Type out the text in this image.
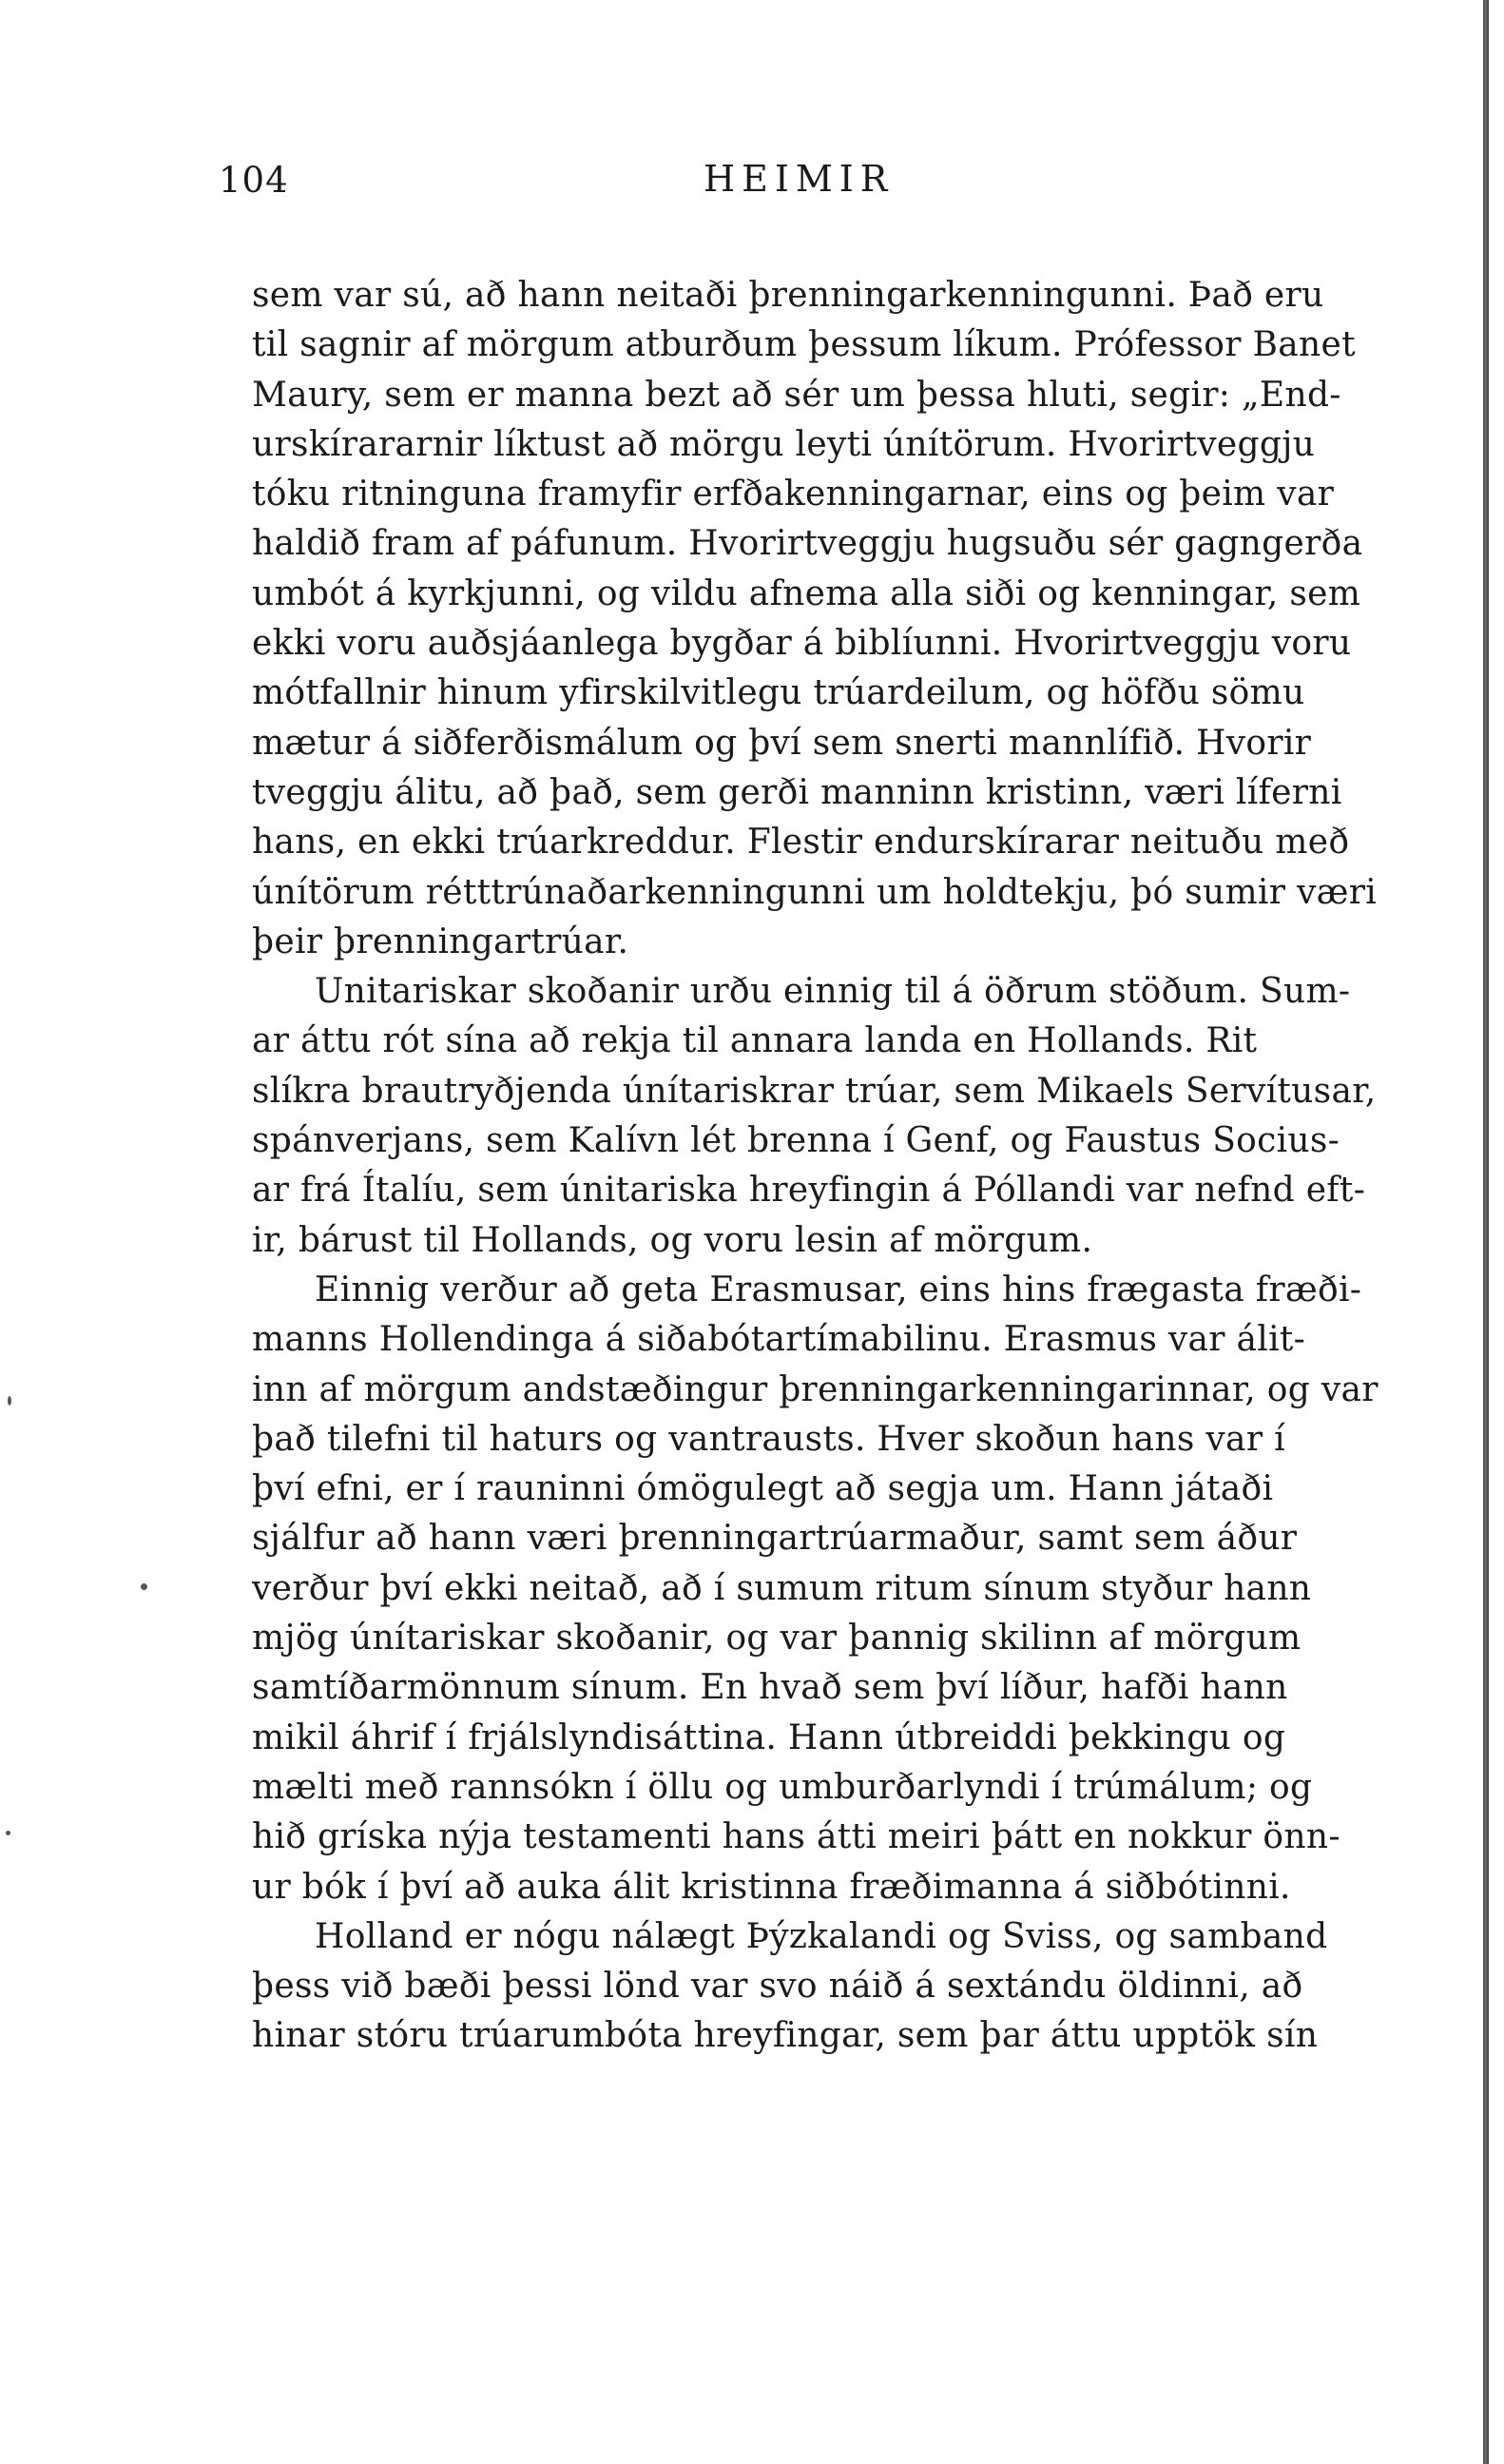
104	HEIMIR
sem var sú, að hann neitaði þrenningarkenningunni. Það eru
til sagnir af mörgum atburðum þessum líkum. Prófessor Banet
Maury, sem er manna bezt að sér um þessa hluti, segir: „End-
urskírararnir líktust að mörgu leyti únítörum. Hvorirtveggju
tóku ritninguna framyfir erfðakenningarnar, eins og þeim var
haldið fram af páfunum. Hvorirtveggju hugsuðu sér gagngerða
umbót á kyrkjunni, og vildu afnema alla siði og kenningar, sem
ekki voru auðsjáanlega bygðar á biblíunni. Hvorirtveggju voru
mótfallnir hinum yfirskilvitlegu trúardeilum, og höfðu sömu
mætur á siðferðismálum og því sem snerti mannlífið. Hvorir
tveggju álitu, að það, sem gerði manninn kristinn, væri líferni
hans, en ekki trúarkreddur. Flestir endurskírarar neituðu með
únítörum rétttrúnaðarkenningunni um holdtekju, þó sumir væri
þeir þrenningartrúar.
Unitariskar skoðanir urðu einnig til á öðrum stöðum. Sum-
ar áttu rót sína að rekja til annara landa en Hollands. Rit
slíkra brautryðjenda únítariskrar trúar, sem Mikaels Servítusar,
spánverjans, sem Kalívn lét brenna í Genf, og Faustus Socius-
ar frá Ítalíu, sem únitariska hreyfingin á Póllandi var nefnd eft-
ir, bárust til Hollands, og voru lesin af mörgum.
Einnig verður að geta Erasmusar, eins hins frægasta fræði-
manns Hollendinga á siðabótartímabilinu. Erasmus var álit-
inn af mörgum andstæðingur þrenningarkenningarinnar, og var
það tilefni til haturs og vantrausts. Hver skoðun hans var í
því efni, er í rauninni ómögulegt að segja um. Hann játaði
sjálfur að hann væri þrenningartrúarmaður, samt sem áður
verður því ekki neitað, að í sumum ritum sínum styður hann
mjög únítariskar skoðanir, og var þannig skilinn af mörgum
samtíðarmönnum sínum. En hvað sem því líður, hafði hann
mikil áhrif í frjálslyndisáttina. Hann útbreiddi þekkingu og
mælti með rannsókn í öllu og umburðarlyndi í trúmálum; og
hið gríska nýja testamenti hans átti meiri þátt en nokkur önn-
ur bók í því að auka álit kristinna fræðimanna á siðbótinni.
Holland er nógu nálægt Þýzkalandi og Sviss, og samband
þess við bæði þessi lönd var svo náið á sextándu öldinni, að
hinar stóru trúarumbóta hreyfingar, sem þar áttu upptök sín
